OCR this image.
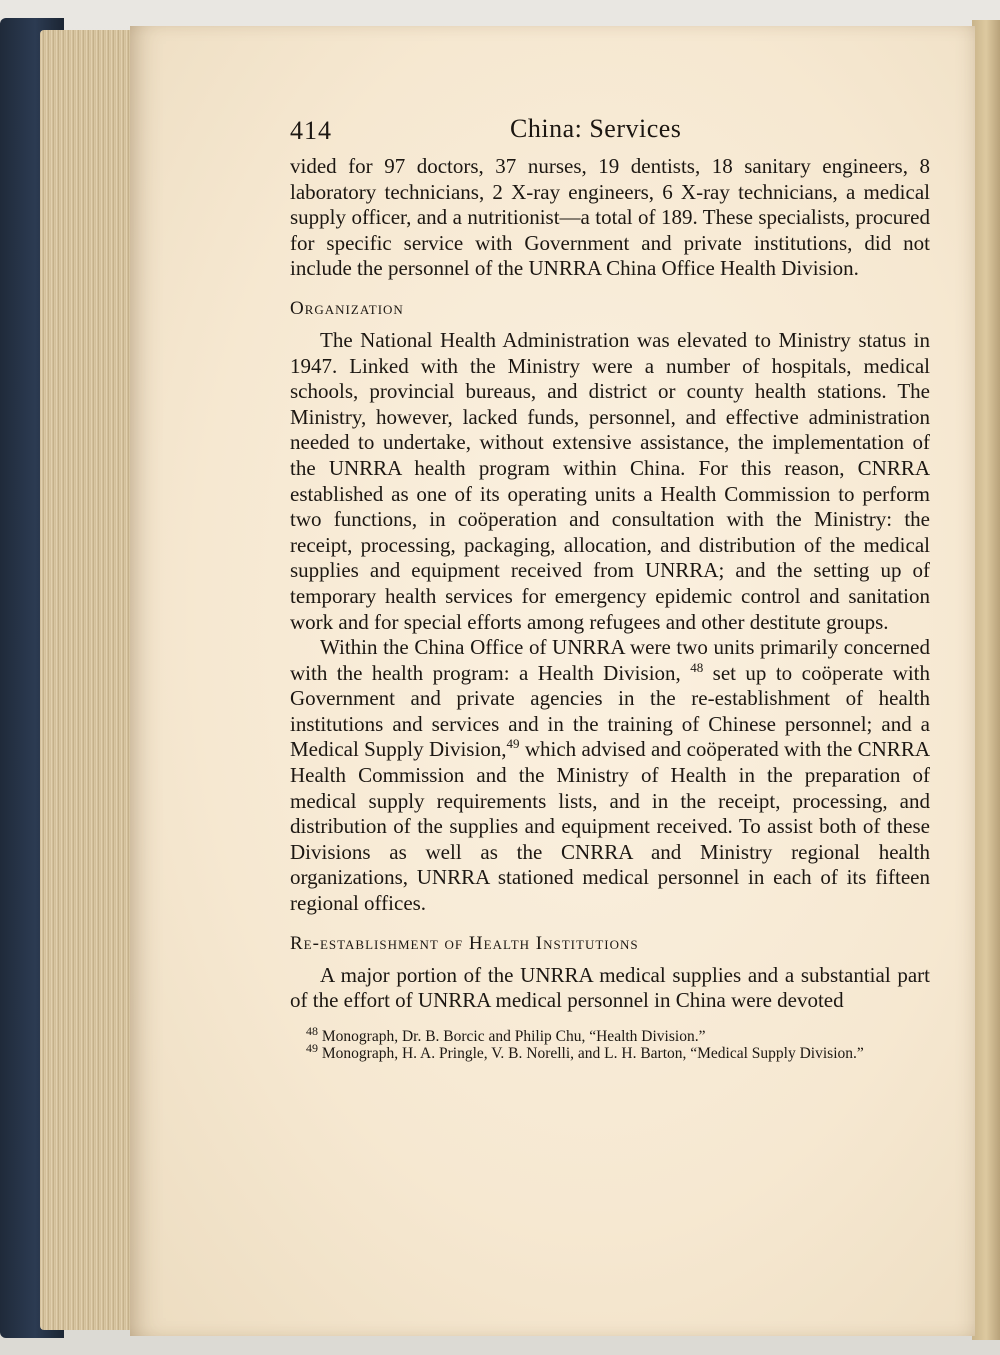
414	China: Services

vided for 97 doctors, 37 nurses, 19 dentists, 18 sanitary engineers, 8 laboratory technicians, 2 X-ray engineers, 6 X-ray technicians, a medical supply officer, and a nutritionist—a total of 189. These specialists, procured for specific service with Government and private institutions, did not include the personnel of the UNRRA China Office Health Division.

Organization

The National Health Administration was elevated to Ministry status in 1947. Linked with the Ministry were a number of hospitals, medical schools, provincial bureaus, and district or county health stations. The Ministry, however, lacked funds, personnel, and effective administration needed to undertake, without extensive assistance, the implementation of the UNRRA health program within China. For this reason, CNRRA established as one of its operating units a Health Commission to perform two functions, in coöperation and consultation with the Ministry: the receipt, processing, packaging, allocation, and distribution of the medical supplies and equipment received from UNRRA; and the setting up of temporary health services for emergency epidemic control and sanitation work and for special efforts among refugees and other destitute groups.

Within the China Office of UNRRA were two units primarily concerned with the health program: a Health Division, $^{48}$ set up to coöperate with Government and private agencies in the re-establishment of health institutions and services and in the training of Chinese personnel; and a Medical Supply Division,$^{49}$ which advised and coöperated with the CNRRA Health Commission and the Ministry of Health in the preparation of medical supply requirements lists, and in the receipt, processing, and distribution of the supplies and equipment received. To assist both of these Divisions as well as the CNRRA and Ministry regional health organizations, UNRRA stationed medical personnel in each of its fifteen regional offices.

Re-establishment of Health Institutions

A major portion of the UNRRA medical supplies and a substantial part of the effort of UNRRA medical personnel in China were devoted

$^{48}$ Monograph, Dr. B. Borcic and Philip Chu, “Health Division.”

$^{49}$ Monograph, H. A. Pringle, V. B. Norelli, and L. H. Barton, “Medical Supply Division.”
